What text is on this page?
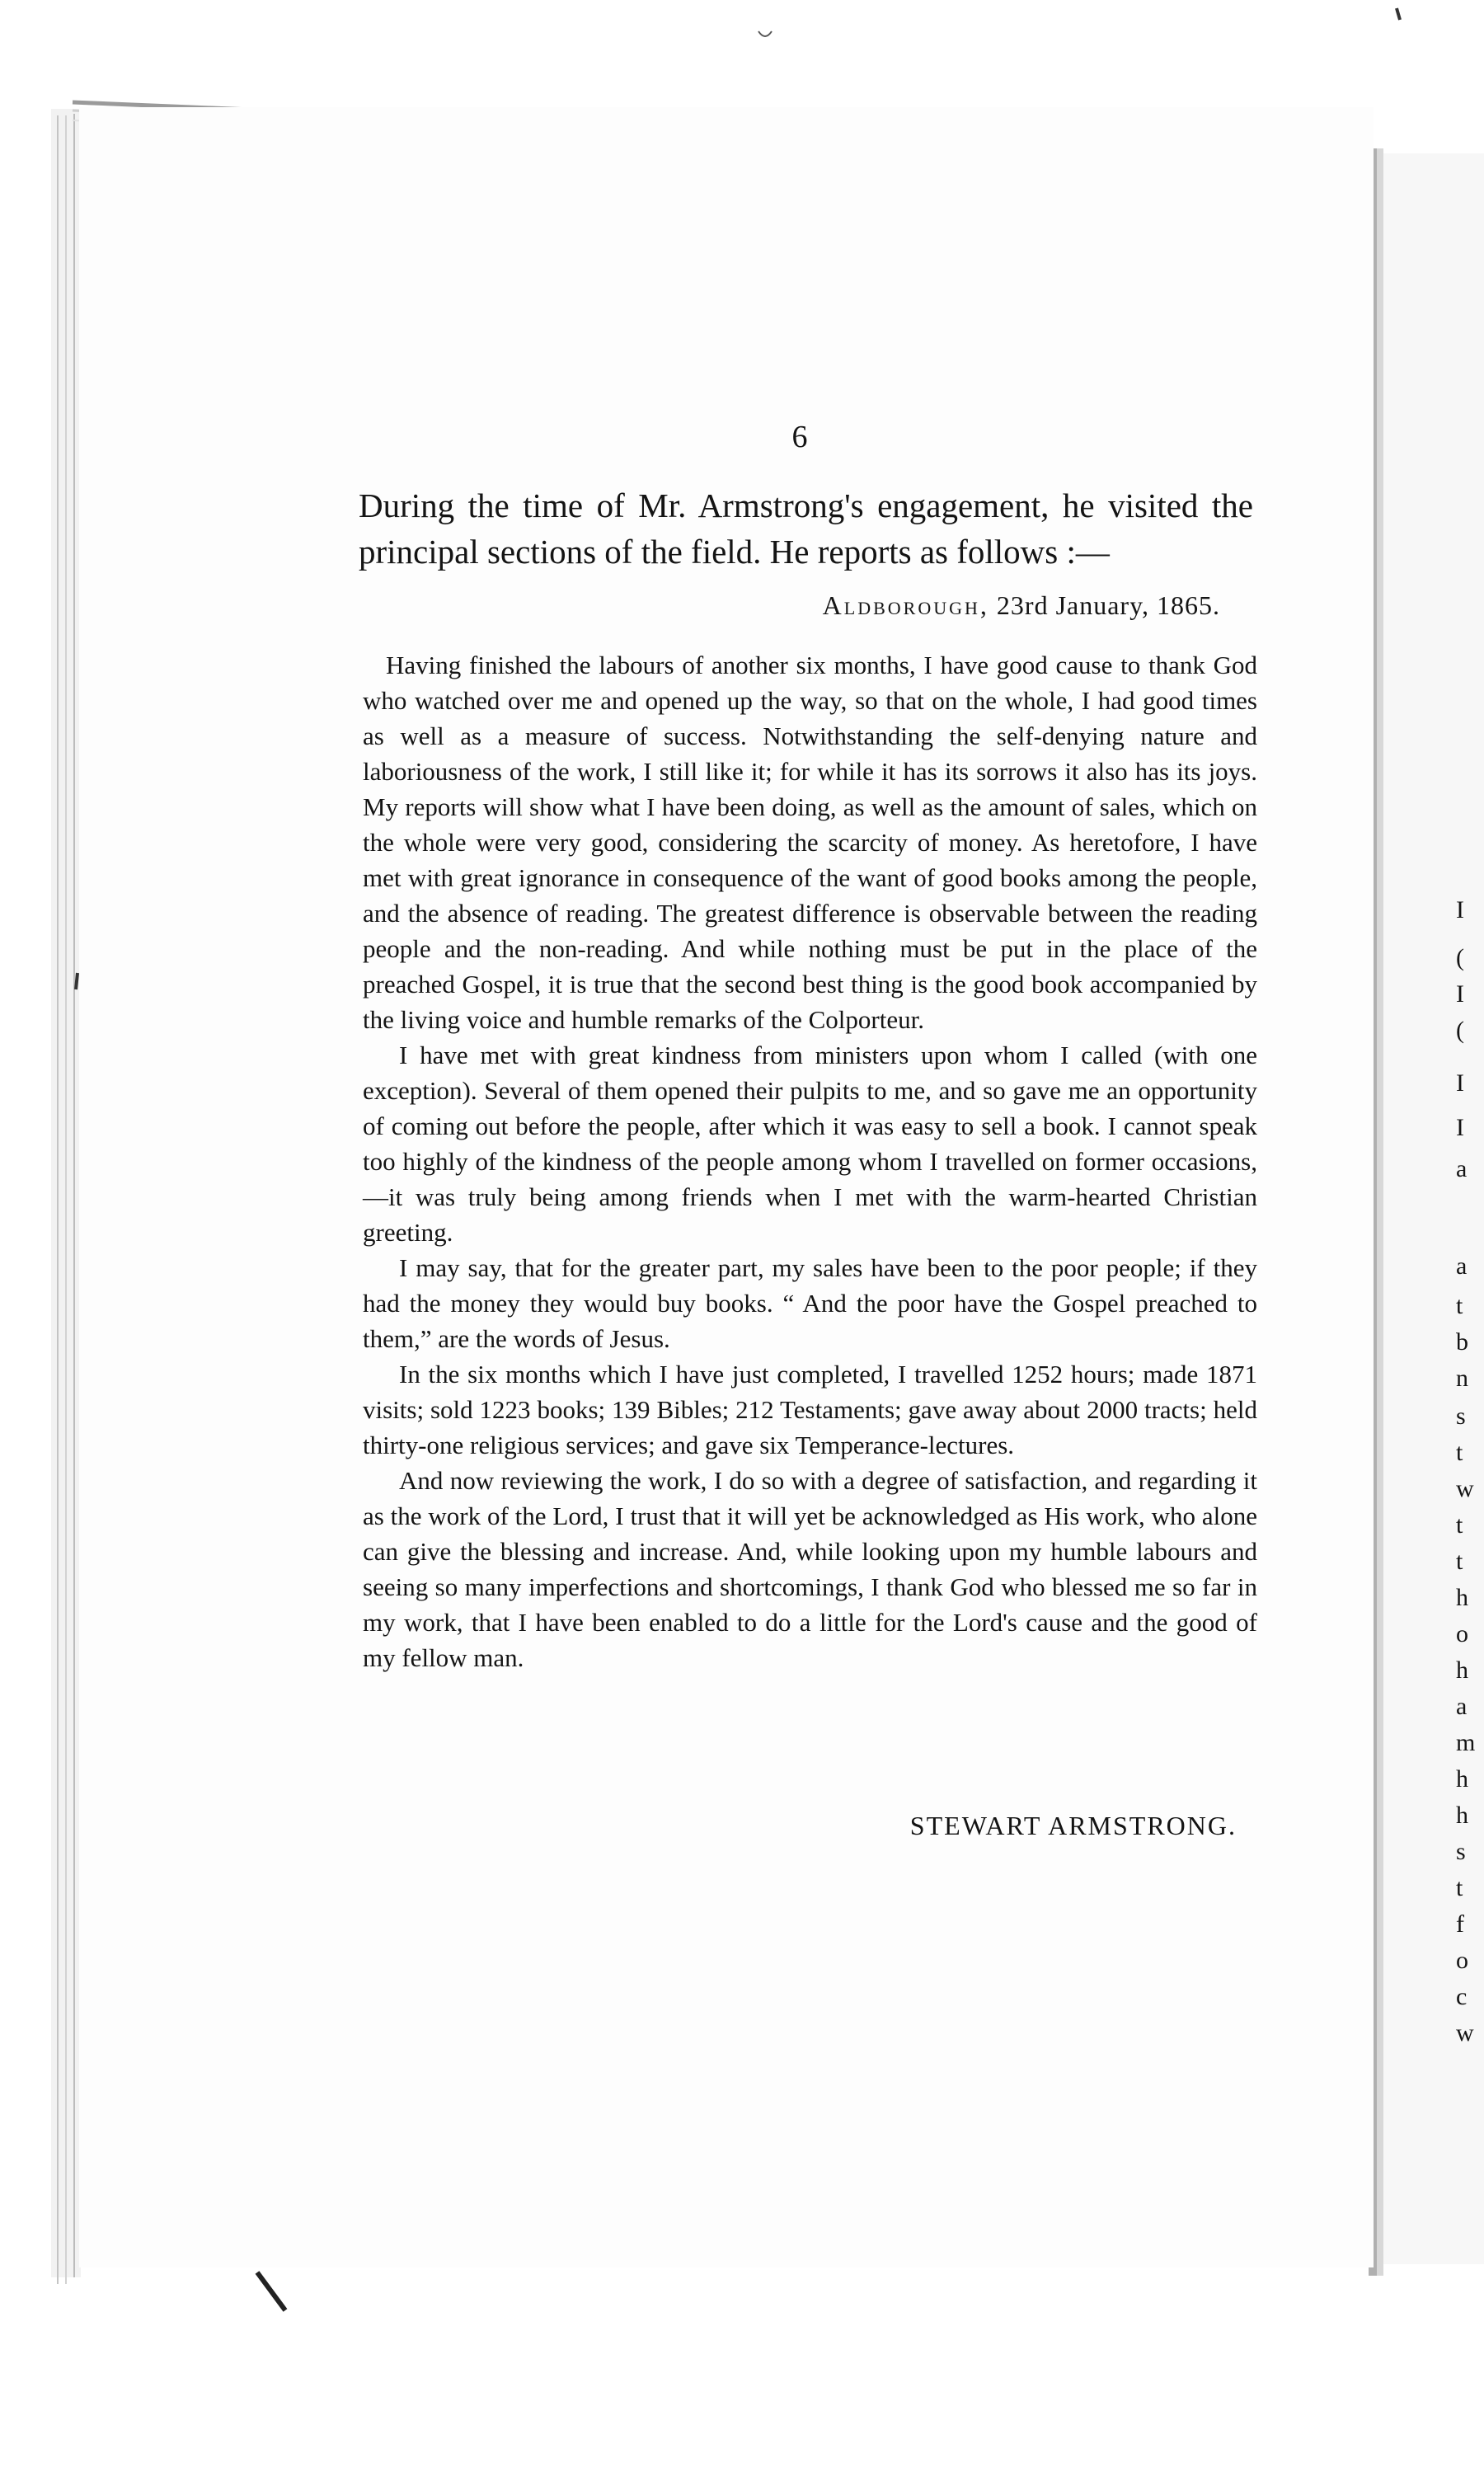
6
During the time of Mr. Armstrong's engagement, he visited the principal sections of the field. He reports as follows :—
Aldborough, 23rd January, 1865.

Having finished the labours of another six months, I have good cause to thank God who watched over me and opened up the way, so that on the whole, I had good times as well as a measure of success. Notwithstanding the self-denying nature and laboriousness of the work, I still like it; for while it has its sorrows it also has its joys. My reports will show what I have been doing, as well as the amount of sales, which on the whole were very good, considering the scarcity of money. As heretofore, I have met with great ignorance in consequence of the want of good books among the people, and the absence of reading. The greatest difference is observable between the reading people and the non-reading. And while nothing must be put in the place of the preached Gospel, it is true that the second best thing is the good book accompanied by the living voice and humble remarks of the Colporteur.

I have met with great kindness from ministers upon whom I called (with one exception). Several of them opened their pulpits to me, and so gave me an opportunity of coming out before the people, after which it was easy to sell a book. I cannot speak too highly of the kindness of the people among whom I travelled on former occasions,—it was truly being among friends when I met with the warm-hearted Christian greeting.

I may say, that for the greater part, my sales have been to the poor people; if they had the money they would buy books. “ And the poor have the Gospel preached to them,” are the words of Jesus.

In the six months which I have just completed, I travelled 1252 hours; made 1871 visits; sold 1223 books; 139 Bibles; 212 Testaments; gave away about 2000 tracts; held thirty-one religious services; and gave six Temperance-lectures.

And now reviewing the work, I do so with a degree of satisfaction, and regarding it as the work of the Lord, I trust that it will yet be acknowledged as His work, who alone can give the blessing and increase. And, while looking upon my humble labours and seeing so many imperfections and shortcomings, I thank God who blessed me so far in my work, that I have been enabled to do a little for the Lord's cause and the good of my fellow man.

STEWART ARMSTRONG.
I
(
I
(
I
I
a
a
t
b
n
s
t
w
t
t
h
o
h
a
m
h
h
s
t
f
o
c
w
